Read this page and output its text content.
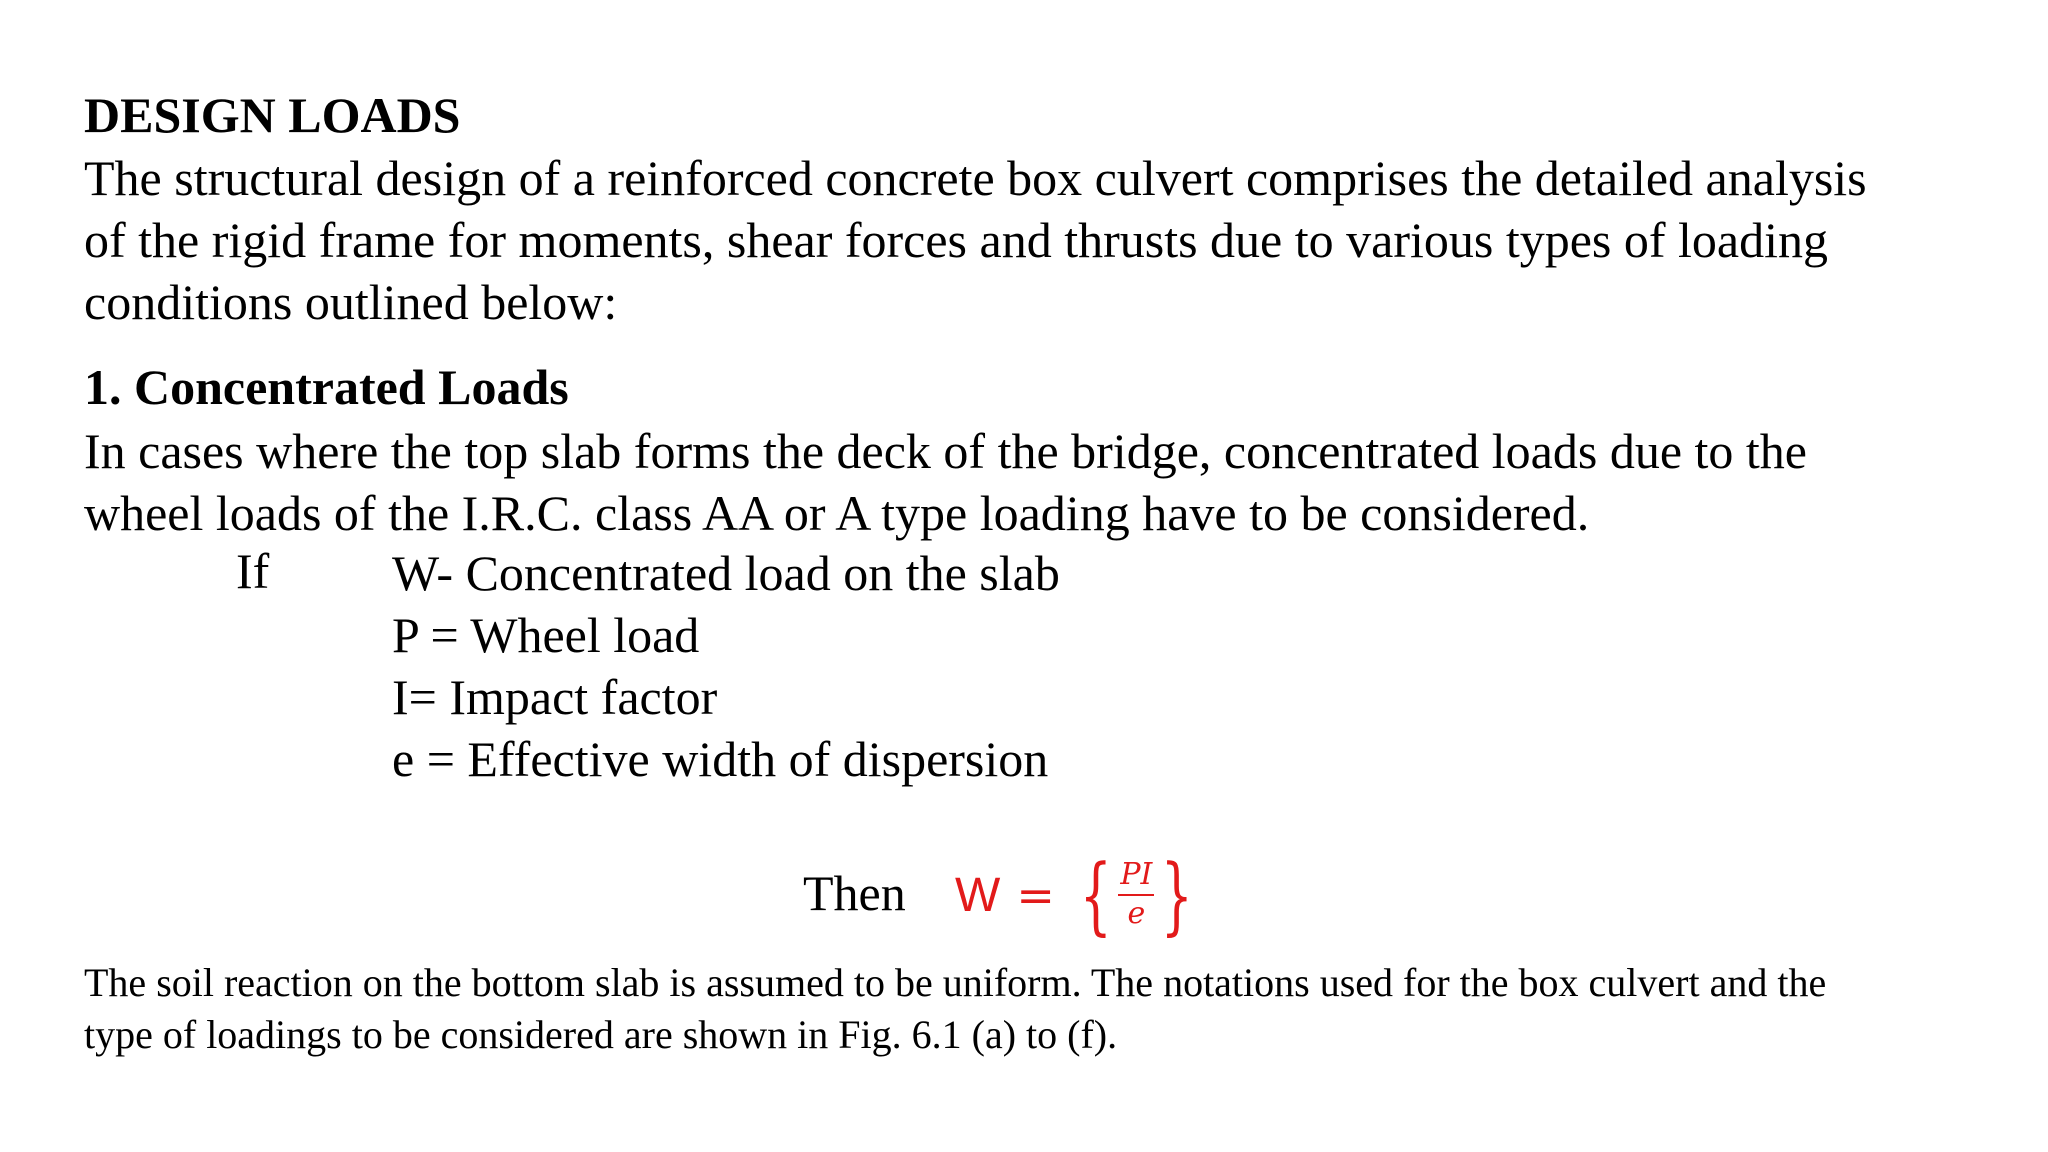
DESIGN LOADS
The structural design of a reinforced concrete box culvert comprises the detailed analysis
of the rigid frame for moments, shear forces and thrusts due to various types of loading
conditions outlined below:
1. Concentrated Loads
In cases where the top slab forms the deck of the bridge, concentrated loads due to the
wheel loads of the I.R.C. class AA or A type loading have to be considered.
If W- Concentrated load on the slab
P = Wheel load
I= Impact factor
e = Effective width of dispersion
Then W = { $\frac{PI}{e}$ }
The soil reaction on the bottom slab is assumed to be uniform. The notations used for the box culvert and the
type of loadings to be considered are shown in Fig. 6.1 (a) to (f).
